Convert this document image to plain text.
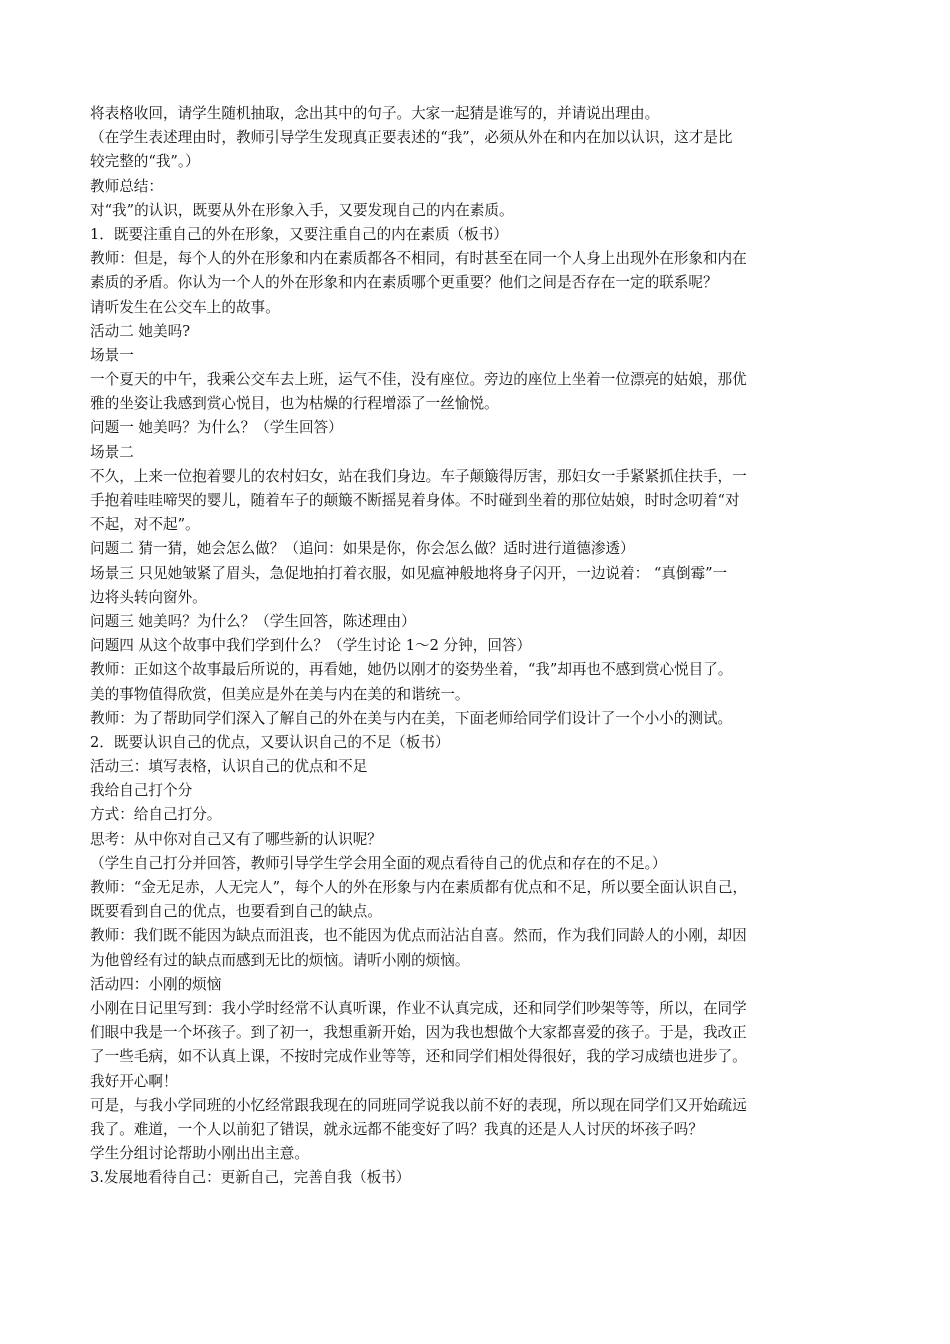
将表格收回，请学生随机抽取，念出其中的句子。大家一起猜是谁写的，并请说出理由。
（在学生表述理由时，教师引导学生发现真正要表述的“我”，必须从外在和内在加以认识，这才是比
较完整的“我”。）
教师总结：
对“我”的认识，既要从外在形象入手，又要发现自己的内在素质。
1．既要注重自己的外在形象，又要注重自己的内在素质（板书）
教师：但是，每个人的外在形象和内在素质都各不相同，有时甚至在同一个人身上出现外在形象和内在
素质的矛盾。你认为一个人的外在形象和内在素质哪个更重要？他们之间是否存在一定的联系呢？
请听发生在公交车上的故事。
活动二 她美吗?
场景一
一个夏天的中午，我乘公交车去上班，运气不佳，没有座位。旁边的座位上坐着一位漂亮的姑娘，那优
雅的坐姿让我感到赏心悦目，也为枯燥的行程增添了一丝愉悦。
问题一 她美吗？为什么？（学生回答）
场景二
不久，上来一位抱着婴儿的农村妇女，站在我们身边。车子颠簸得厉害，那妇女一手紧紧抓住扶手，一
手抱着哇哇啼哭的婴儿，随着车子的颠簸不断摇晃着身体。不时碰到坐着的那位姑娘，时时念叨着“对
不起，对不起”。
问题二 猜一猜，她会怎么做？（追问：如果是你，你会怎么做？适时进行道德渗透）
场景三 只见她皱紧了眉头，急促地拍打着衣服，如见瘟神般地将身子闪开，一边说着： “真倒霉”一
边将头转向窗外。
问题三 她美吗？为什么？（学生回答，陈述理由）
问题四 从这个故事中我们学到什么？（学生讨论 1～2 分钟，回答）
教师：正如这个故事最后所说的，再看她，她仍以刚才的姿势坐着，“我”却再也不感到赏心悦目了。
美的事物值得欣赏，但美应是外在美与内在美的和谐统一。
教师：为了帮助同学们深入了解自己的外在美与内在美，下面老师给同学们设计了一个小小的测试。
2．既要认识自己的优点，又要认识自己的不足（板书）
活动三：填写表格，认识自己的优点和不足
我给自己打个分
方式：给自己打分。
思考：从中你对自己又有了哪些新的认识呢？
（学生自己打分并回答，教师引导学生学会用全面的观点看待自己的优点和存在的不足。）
教师：“金无足赤，人无完人”，每个人的外在形象与内在素质都有优点和不足，所以要全面认识自己，
既要看到自己的优点，也要看到自己的缺点。
教师：我们既不能因为缺点而沮丧，也不能因为优点而沾沾自喜。然而，作为我们同龄人的小刚，却因
为他曾经有过的缺点而感到无比的烦恼。请听小刚的烦恼。
活动四：小刚的烦恼
小刚在日记里写到：我小学时经常不认真听课，作业不认真完成，还和同学们吵架等等，所以，在同学
们眼中我是一个坏孩子。到了初一，我想重新开始，因为我也想做个大家都喜爱的孩子。于是，我改正
了一些毛病，如不认真上课，不按时完成作业等等，还和同学们相处得很好，我的学习成绩也进步了。
我好开心啊！
可是，与我小学同班的小忆经常跟我现在的同班同学说我以前不好的表现，所以现在同学们又开始疏远
我了。难道，一个人以前犯了错误，就永远都不能变好了吗？我真的还是人人讨厌的坏孩子吗？
学生分组讨论帮助小刚出出主意。
3.发展地看待自己：更新自己，完善自我（板书）
